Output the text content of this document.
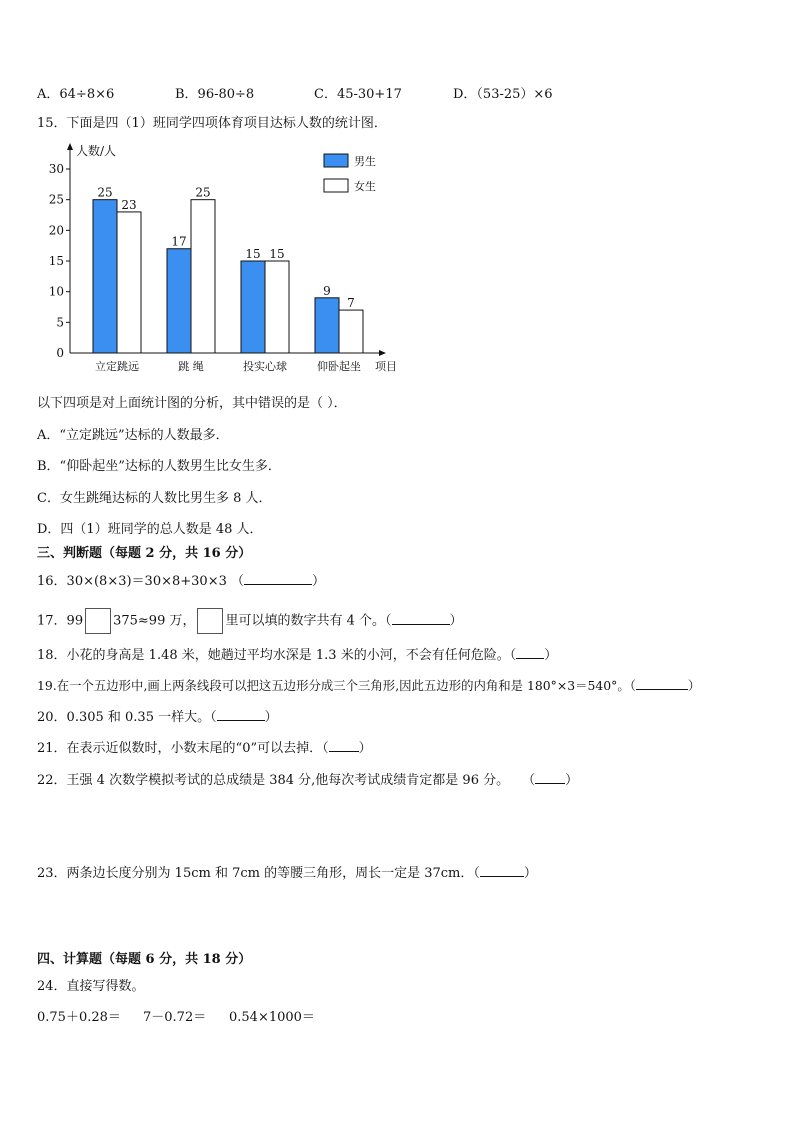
A．64÷8×6	B．96-80÷8	C．45-30+17	D．（53-25）×6
15．下面是四（1）班同学四项体育项目达标人数的统计图．
人数/人
项目
0
5
10
15
20
25
30
25
23
立定跳远
17
25
跳 绳
15 15
投实心球
9
7
仰卧起坐
男生
女生
以下四项是对上面统计图的分析，其中错误的是（ ）．
A．“立定跳远”达标的人数最多．
B．“仰卧起坐”达标的人数男生比女生多．
C．女生跳绳达标的人数比男生多 8 人．
D．四（1）班同学的总人数是 48 人．
三、判断题（每题 2 分，共 16 分）
16．30×(8×3)＝30×8+30×3 （	）
17．99 375≈99 万， 里可以填的数字共有 4 个。（	）
18．小花的身高是 1.48 米，她趟过平均水深是 1.3 米的小河，不会有任何危险。（ ）
19.在一个五边形中,画上两条线段可以把这五边形分成三个三角形,因此五边形的内角和是 180°×3＝540°。（	）
20．0.305 和 0.35 一样大。（	）
21．在表示近似数时，小数末尾的“0”可以去掉．（ ）
22．王强 4 次数学模拟考试的总成绩是 384 分,他每次考试成绩肯定都是 96 分。　　（ ）
23．两条边长度分别为 15cm 和 7cm 的等腰三角形，周长一定是 37cm．（	）
四、计算题（每题 6 分，共 18 分）
24．直接写得数。
0.75＋0.28＝ 7－0.72＝ 0.54×1000＝
